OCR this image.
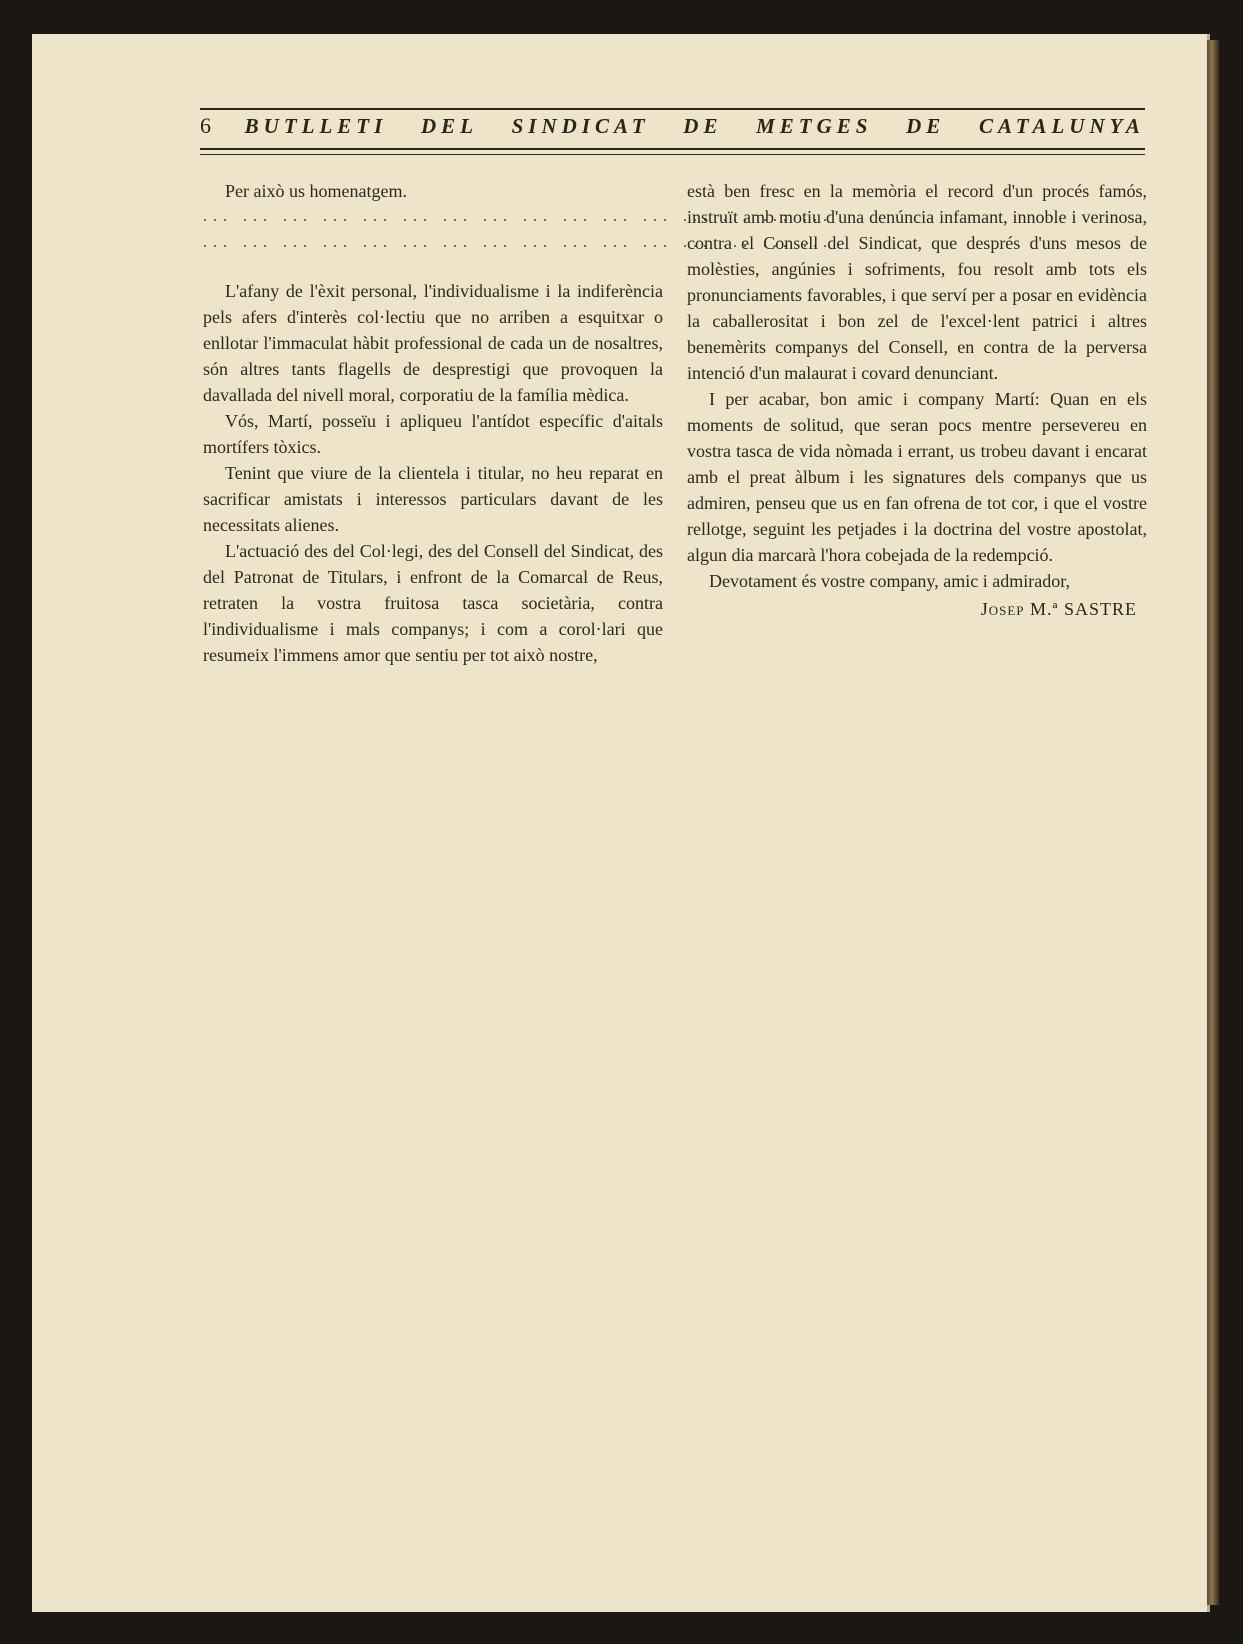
6 BUTLLETI DEL SINDICAT DE METGES DE CATALUNYA

Per això us homenatgem.

... ... ... ... ... ... ... ... ... ... ... ... ... ... ... ...
... ... ... ... ... ... ... ... ... ... ... ... ... ... ... ...

L'afany de l'èxit personal, l'individualisme i la indiferència pels afers d'interès col·lectiu que no arriben a esquitxar o enllotar l'immaculat hàbit professional de cada un de nosaltres, són altres tants flagells de desprestigi que provoquen la davallada del nivell moral, corporatiu de la família mèdica.

Vós, Martí, posseïu i apliqueu l'antídot específic d'aitals mortífers tòxics.

Tenint que viure de la clientela i titular, no heu reparat en sacrificar amistats i interessos particulars davant de les necessitats alienes.

L'actuació des del Col·legi, des del Consell del Sindicat, des del Patronat de Titulars, i enfront de la Comarcal de Reus, retraten la vostra fruitosa tasca societària, contra l'individualisme i mals companys; i com a corol·lari que resumeix l'immens amor que sentiu per tot això nostre,

està ben fresc en la memòria el record d'un procés famós, instruït amb motiu d'una denúncia infamant, innoble i verinosa, contra el Consell del Sindicat, que després d'uns mesos de molèsties, angúnies i sofriments, fou resolt amb tots els pronunciaments favorables, i que serví per a posar en evidència la caballerositat i bon zel de l'excel·lent patrici i altres benemèrits companys del Consell, en contra de la perversa intenció d'un malaurat i covard denunciant.

I per acabar, bon amic i company Martí: Quan en els moments de solitud, que seran pocs mentre persevereu en vostra tasca de vida nòmada i errant, us trobeu davant i encarat amb el preat àlbum i les signatures dels companys que us admiren, penseu que us en fan ofrena de tot cor, i que el vostre rellotge, seguint les petjades i la doctrina del vostre apostolat, algun dia marcarà l'hora cobejada de la redempció.

Devotament és vostre company, amic i admirador,

Josep M.ª SASTRE
